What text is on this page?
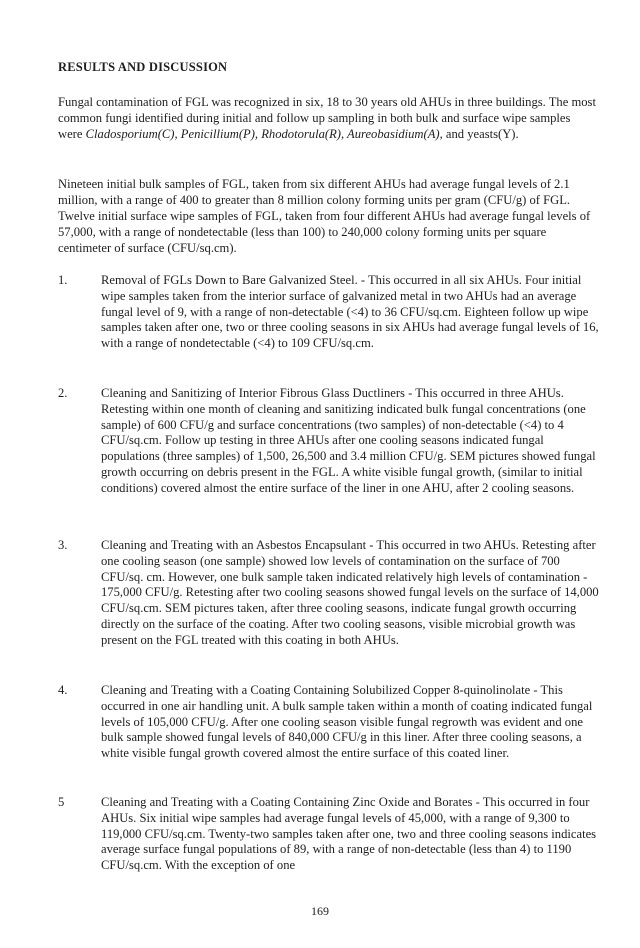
RESULTS AND DISCUSSION

Fungal contamination of FGL was recognized in six, 18 to 30 years old AHUs in three buildings. The most common fungi identified during initial and follow up sampling in both bulk and surface wipe samples were Cladosporium(C), Penicillium(P), Rhodotorula(R), Aureobasidium(A), and yeasts(Y).

Nineteen initial bulk samples of FGL, taken from six different AHUs had average fungal levels of 2.1 million, with a range of 400 to greater than 8 million colony forming units per gram (CFU/g) of FGL. Twelve initial surface wipe samples of FGL, taken from four different AHUs had average fungal levels of 57,000, with a range of nondetectable (less than 100) to 240,000 colony forming units per square centimeter of surface (CFU/sq.cm).

1.	Removal of FGLs Down to Bare Galvanized Steel. - This occurred in all six AHUs. Four initial wipe samples taken from the interior surface of galvanized metal in two AHUs had an average fungal level of 9, with a range of non-detectable (<4) to 36 CFU/sq.cm. Eighteen follow up wipe samples taken after one, two or three cooling seasons in six AHUs had average fungal levels of 16, with a range of nondetectable (<4) to 109 CFU/sq.cm.
2.	Cleaning and Sanitizing of Interior Fibrous Glass Ductliners - This occurred in three AHUs. Retesting within one month of cleaning and sanitizing indicated bulk fungal concentrations (one sample) of 600 CFU/g and surface concentrations (two samples) of non-detectable (<4) to 4 CFU/sq.cm. Follow up testing in three AHUs after one cooling seasons indicated fungal populations (three samples) of 1,500, 26,500 and 3.4 million CFU/g. SEM pictures showed fungal growth occurring on debris present in the FGL. A white visible fungal growth, (similar to initial conditions) covered almost the entire surface of the liner in one AHU, after 2 cooling seasons.
3.	Cleaning and Treating with an Asbestos Encapsulant - This occurred in two AHUs. Retesting after one cooling season (one sample) showed low levels of contamination on the surface of 700 CFU/sq. cm. However, one bulk sample taken indicated relatively high levels of contamination - 175,000 CFU/g. Retesting after two cooling seasons showed fungal levels on the surface of 14,000 CFU/sq.cm. SEM pictures taken, after three cooling seasons, indicate fungal growth occurring directly on the surface of the coating. After two cooling seasons, visible microbial growth was present on the FGL treated with this coating in both AHUs.
4.	Cleaning and Treating with a Coating Containing Solubilized Copper 8-quinolinolate - This occurred in one air handling unit. A bulk sample taken within a month of coating indicated fungal levels of 105,000 CFU/g. After one cooling season visible fungal regrowth was evident and one bulk sample showed fungal levels of 840,000 CFU/g in this liner. After three cooling seasons, a white visible fungal growth covered almost the entire surface of this coated liner.
5	Cleaning and Treating with a Coating Containing Zinc Oxide and Borates - This occurred in four AHUs. Six initial wipe samples had average fungal levels of 45,000, with a range of 9,300 to 119,000 CFU/sq.cm. Twenty-two samples taken after one, two and three cooling seasons indicates average surface fungal populations of 89, with a range of non-detectable (less than 4) to 1190 CFU/sq.cm. With the exception of one
169
